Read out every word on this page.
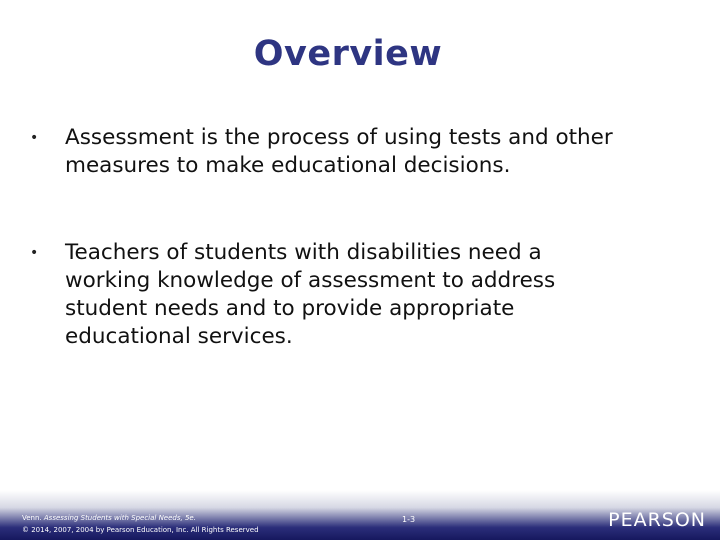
Overview
• Assessment is the process of using tests and other measures to make educational decisions.
• Teachers of students with disabilities need a working knowledge of assessment to address student needs and to provide appropriate educational services.
Venn. Assessing Students with Special Needs, 5e.
© 2014, 2007, 2004 by Pearson Education, Inc. All Rights Reserved
1-3	PEARSON
